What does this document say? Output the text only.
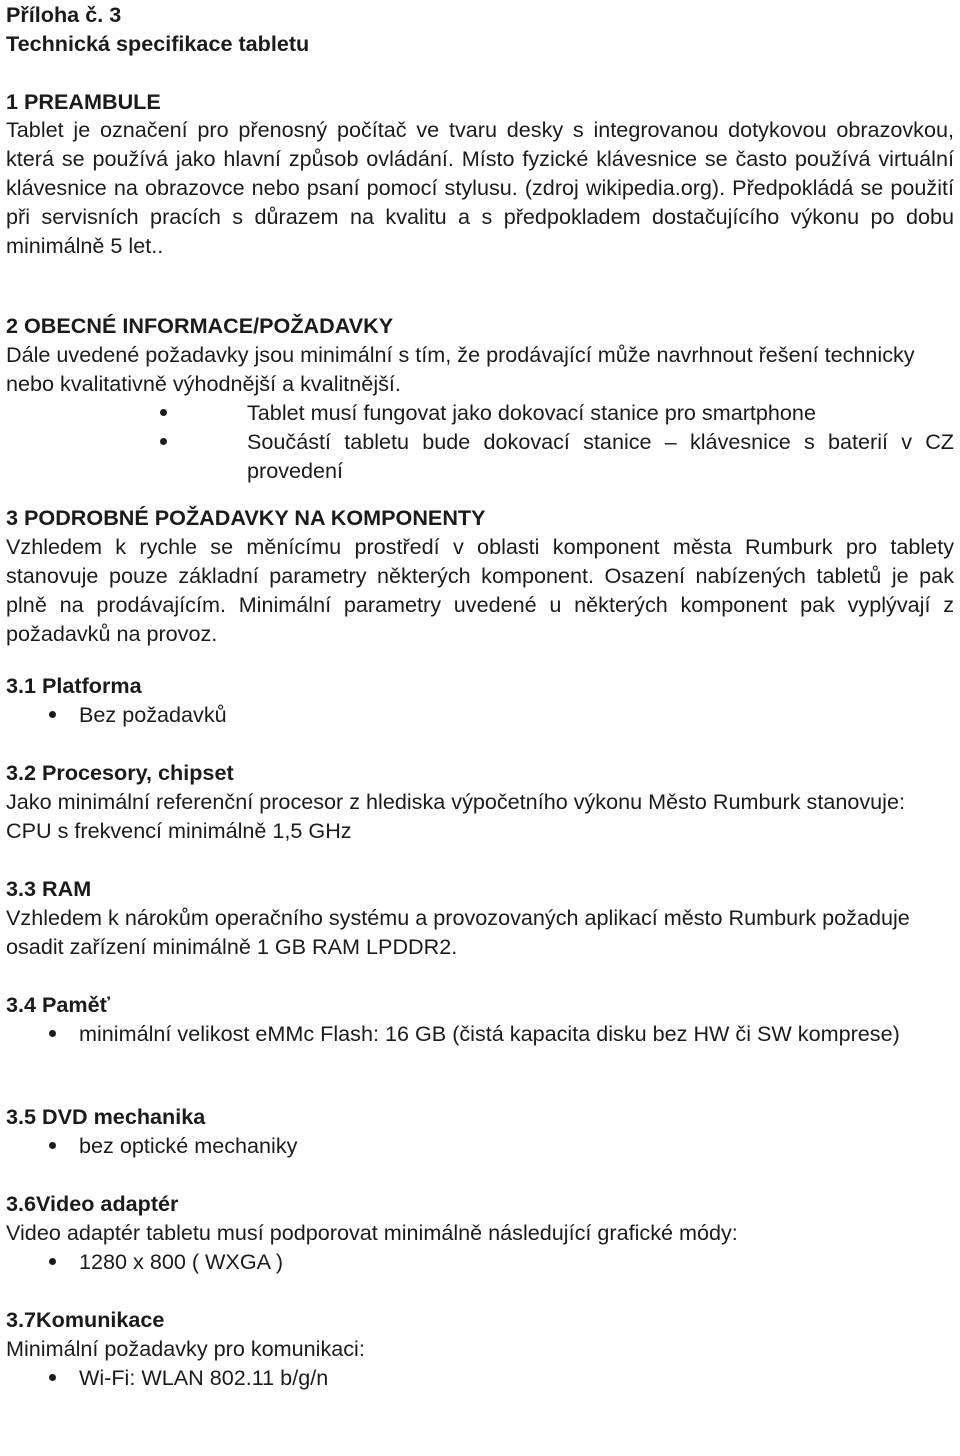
Příloha č. 3

Technická specifikace tabletu

1 PREAMBULE

Tablet je označení pro přenosný počítač ve tvaru desky s integrovanou dotykovou obrazovkou, která se používá jako hlavní způsob ovládání. Místo fyzické klávesnice se často používá virtuální klávesnice na obrazovce nebo psaní pomocí stylusu. (zdroj wikipedia.org). Předpokládá se použití při servisních pracích s důrazem na kvalitu a s předpokladem dostačujícího výkonu po dobu minimálně 5 let..

2 OBECNÉ INFORMACE/POŽADAVKY

Dále uvedené požadavky jsou minimální s tím, že prodávající může navrhnout řešení technicky nebo kvalitativně výhodnější a kvalitnější.

Tablet musí fungovat jako dokovací stanice pro smartphone
Součástí tabletu bude dokovací stanice – klávesnice s baterií v CZ provedení
3 PODROBNÉ POŽADAVKY NA KOMPONENTY

Vzhledem k rychle se měnícímu prostředí v oblasti komponent města Rumburk pro tablety stanovuje pouze základní parametry některých komponent. Osazení nabízených tabletů je pak plně na prodávajícím. Minimální parametry uvedené u některých komponent pak vyplývají z požadavků na provoz.

3.1 Platforma
Bez požadavků
3.2 Procesory, chipset

Jako minimální referenční procesor z hlediska výpočetního výkonu Město Rumburk stanovuje: CPU s frekvencí minimálně 1,5 GHz

3.3 RAM

Vzhledem k nárokům operačního systému a provozovaných aplikací město Rumburk požaduje osadit zařízení minimálně 1 GB RAM LPDDR2.

3.4 Paměť
minimální velikost eMMc Flash: 16 GB (čistá kapacita disku bez HW či SW komprese)
3.5 DVD mechanika
bez optické mechaniky
3.6Video adaptér

Video adaptér tabletu musí podporovat minimálně následující grafické módy:

1280 x 800 ( WXGA )
3.7Komunikace

Minimální požadavky pro komunikaci:

Wi-Fi: WLAN 802.11 b/g/n
